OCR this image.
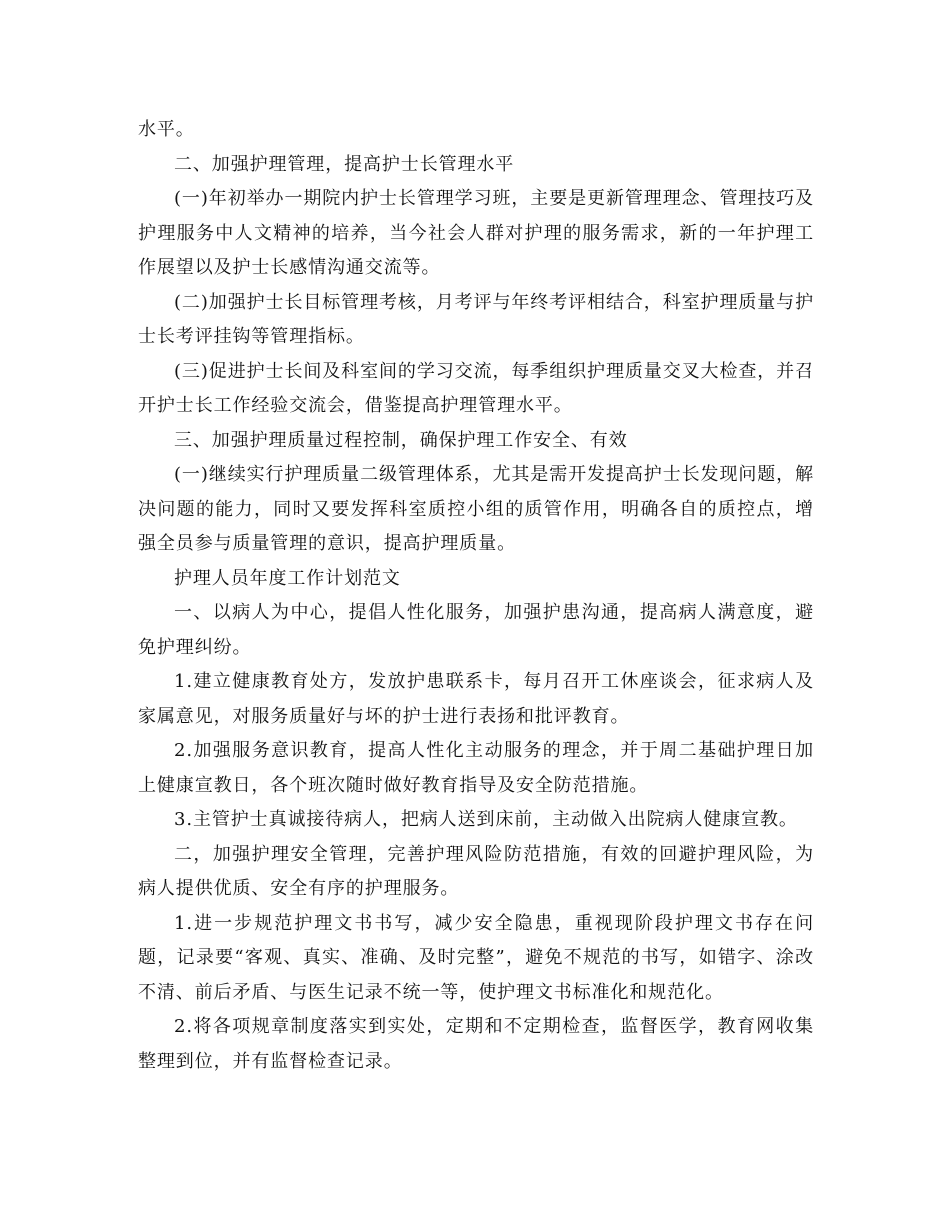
水平。

二、加强护理管理，提高护士长管理水平

(一)年初举办一期院内护士长管理学习班，主要是更新管理理念、管理技巧及护理服务中人文精神的培养，当今社会人群对护理的服务需求，新的一年护理工作展望以及护士长感情沟通交流等。

(二)加强护士长目标管理考核，月考评与年终考评相结合，科室护理质量与护士长考评挂钩等管理指标。

(三)促进护士长间及科室间的学习交流，每季组织护理质量交叉大检查，并召开护士长工作经验交流会，借鉴提高护理管理水平。

三、加强护理质量过程控制，确保护理工作安全、有效

(一)继续实行护理质量二级管理体系，尤其是需开发提高护士长发现问题，解决问题的能力，同时又要发挥科室质控小组的质管作用，明确各自的质控点，增强全员参与质量管理的意识，提高护理质量。

护理人员年度工作计划范文

一、以病人为中心，提倡人性化服务，加强护患沟通，提高病人满意度，避免护理纠纷。

1.建立健康教育处方，发放护患联系卡，每月召开工休座谈会，征求病人及家属意见，对服务质量好与坏的护士进行表扬和批评教育。

2.加强服务意识教育，提高人性化主动服务的理念，并于周二基础护理日加上健康宣教日，各个班次随时做好教育指导及安全防范措施。

3.主管护士真诚接待病人，把病人送到床前，主动做入出院病人健康宣教。

二，加强护理安全管理，完善护理风险防范措施，有效的回避护理风险，为病人提供优质、安全有序的护理服务。

1.进一步规范护理文书书写，减少安全隐患，重视现阶段护理文书存在问题，记录要“客观、真实、准确、及时完整”，避免不规范的书写，如错字、涂改不清、前后矛盾、与医生记录不统一等，使护理文书标准化和规范化。

2.将各项规章制度落实到实处，定期和不定期检查，监督医学，教育网收集整理到位，并有监督检查记录。
